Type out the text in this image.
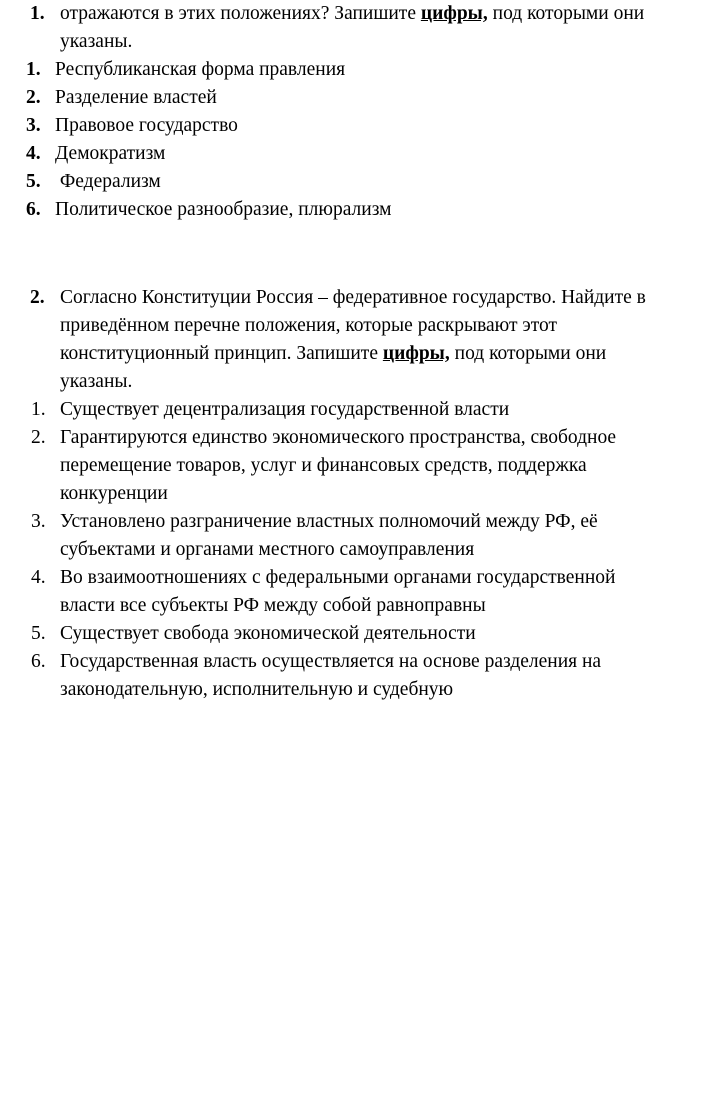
1. отражаются в этих положениях? Запишите цифры, под которыми они
указаны.
1. Республиканская форма правления
2. Разделение властей
3. Правовое государство
4. Демократизм
5. Федерализм
6. Политическое разнообразие, плюрализм
2. Согласно Конституции Россия – федеративное государство. Найдите в
приведённом перечне положения, которые раскрывают этот
конституционный принцип. Запишите цифры, под которыми они
указаны.
1. Существует децентрализация государственной власти
2. Гарантируются единство экономического пространства, свободное
перемещение товаров, услуг и финансовых средств, поддержка
конкуренции
3. Установлено разграничение властных полномочий между РФ, её
субъектами и органами местного самоуправления
4. Во взаимоотношениях с федеральными органами государственной
власти все субъекты РФ между собой равноправны
5. Существует свобода экономической деятельности
6. Государственная власть осуществляется на основе разделения на
законодательную, исполнительную и судебную
